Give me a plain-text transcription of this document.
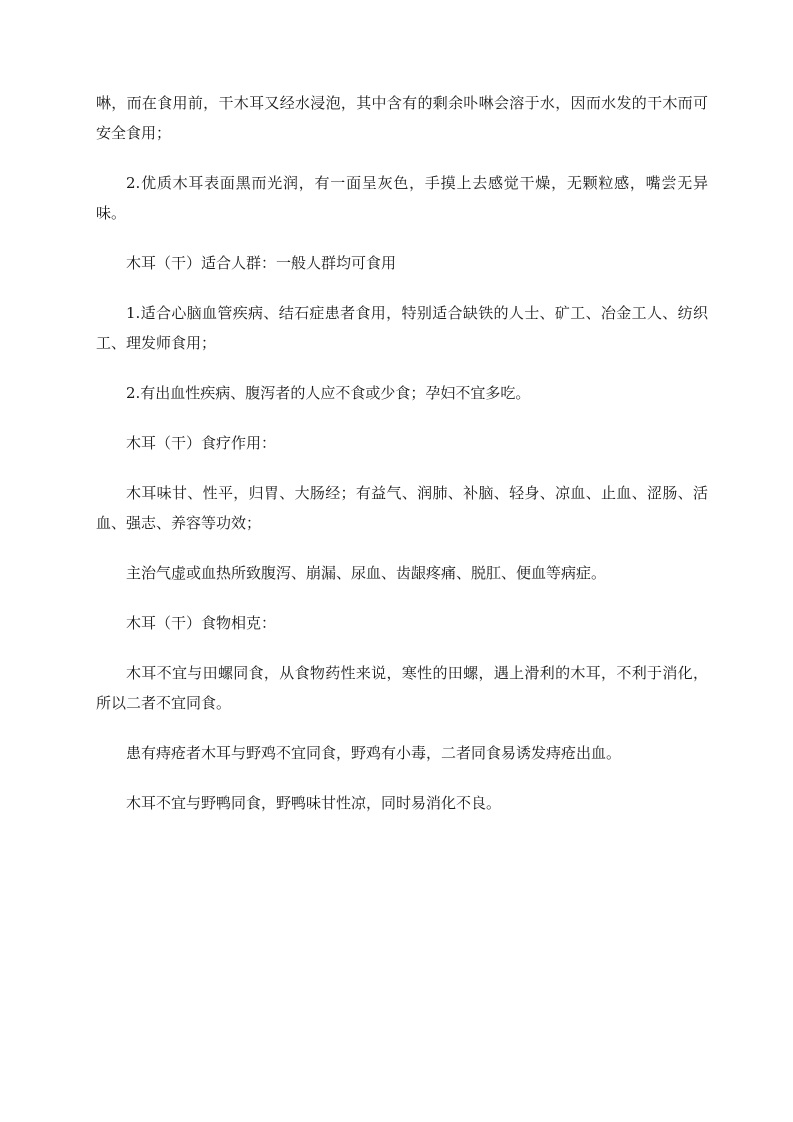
啉，而在食用前，干木耳又经水浸泡，其中含有的剩余卟啉会溶于水，因而水发的干木而可安全食用；

2.优质木耳表面黑而光润，有一面呈灰色，手摸上去感觉干燥，无颗粒感，嘴尝无异味。

木耳（干）适合人群：一般人群均可食用

1.适合心脑血管疾病、结石症患者食用，特别适合缺铁的人士、矿工、冶金工人、纺织工、理发师食用；

2.有出血性疾病、腹泻者的人应不食或少食；孕妇不宜多吃。

木耳（干）食疗作用：

木耳味甘、性平，归胃、大肠经；有益气、润肺、补脑、轻身、凉血、止血、涩肠、活血、强志、养容等功效；

主治气虚或血热所致腹泻、崩漏、尿血、齿龈疼痛、脱肛、便血等病症。

木耳（干）食物相克：

木耳不宜与田螺同食，从食物药性来说，寒性的田螺，遇上滑利的木耳，不利于消化，所以二者不宜同食。

患有痔疮者木耳与野鸡不宜同食，野鸡有小毒，二者同食易诱发痔疮出血。

木耳不宜与野鸭同食，野鸭味甘性凉，同时易消化不良。
